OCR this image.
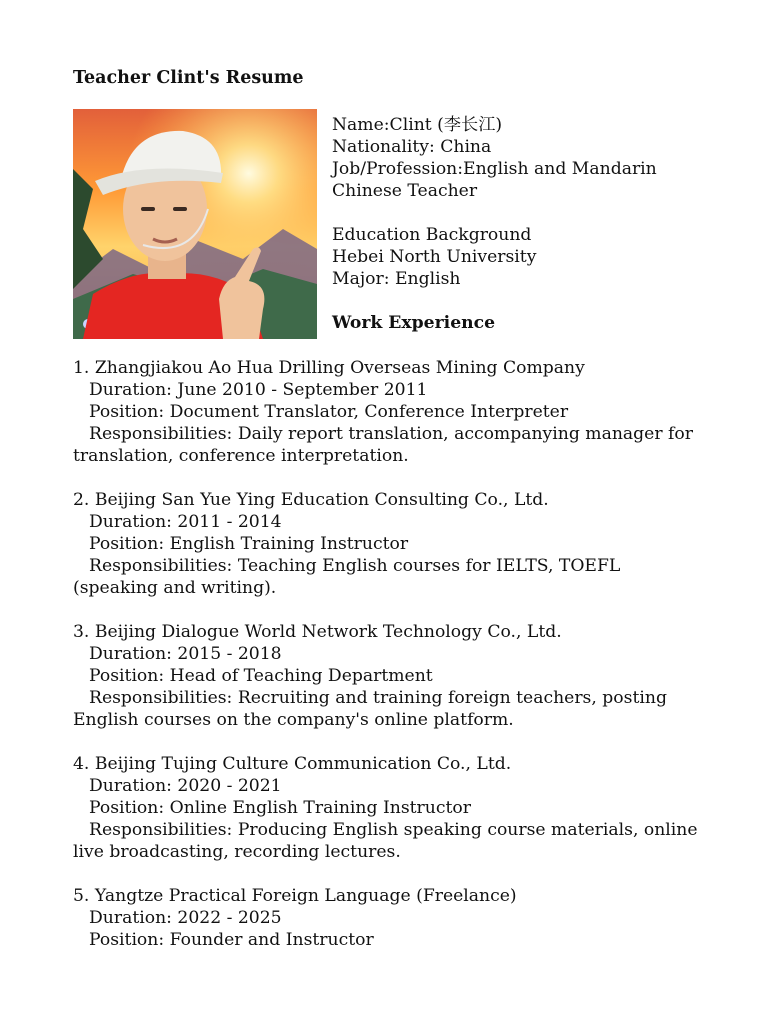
Teacher Clint's Resume
Name:Clint (李长江)
Nationality: China
Job/Profession:English and Mandarin
Chinese Teacher
Education Background
Hebei North University
Major: English
Work Experience
1. Zhangjiakou Ao Hua Drilling Overseas Mining Company
Duration: June 2010 - September 2011
Position: Document Translator, Conference Interpreter
Responsibilities: Daily report translation, accompanying manager for translation, conference interpretation.
2. Beijing San Yue Ying Education Consulting Co., Ltd.
Duration: 2011 - 2014
Position: English Training Instructor
Responsibilities: Teaching English courses for IELTS, TOEFL (speaking and writing).
3. Beijing Dialogue World Network Technology Co., Ltd.
Duration: 2015 - 2018
Position: Head of Teaching Department
Responsibilities: Recruiting and training foreign teachers, posting English courses on the company's online platform.
4. Beijing Tujing Culture Communication Co., Ltd.
Duration: 2020 - 2021
Position: Online English Training Instructor
Responsibilities: Producing English speaking course materials, online live broadcasting, recording lectures.
5. Yangtze Practical Foreign Language (Freelance)
Duration: 2022 - 2025
Position: Founder and Instructor
